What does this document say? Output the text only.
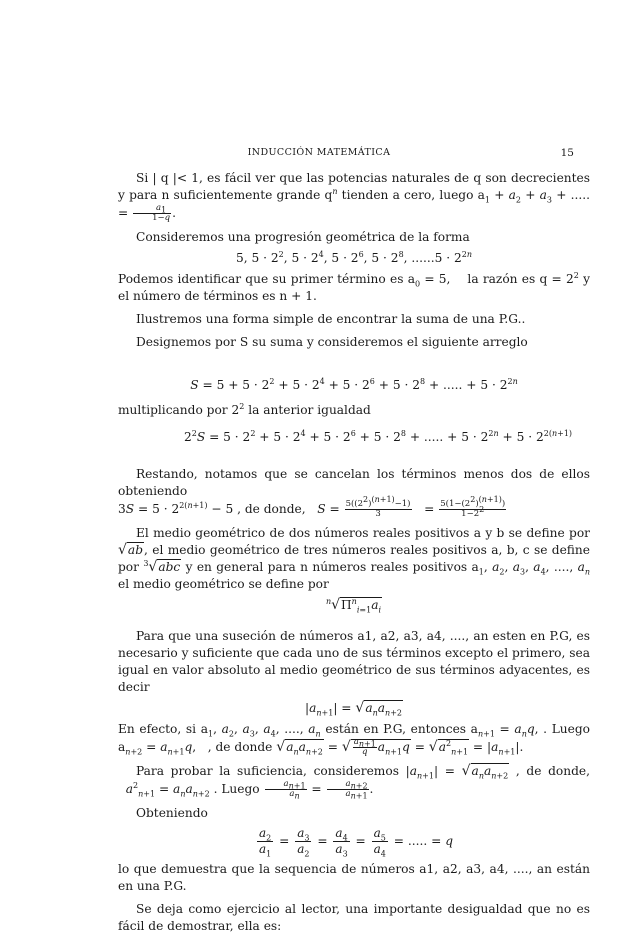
INDUCCIÓN MATEMÁTICA	15

Si | q |< 1, es fácil ver que las potencias naturales de q son decrecientes y para n suficientemente grande $q^n$ tienden a cero, luego $a_1 + a_2 + a_3$ + ..... = $\frac{a_1}{1-q}$ .

Consideremos una progresión geométrica de la forma

5, $5 \cdot 2^2$, $5 \cdot 2^4$, $5 \cdot 2^6$, $5 \cdot 2^8$, $......5 \cdot 2^{2n}$

Podemos identificar que su primer término es $a_0 = 5$,    la razón es $q = 2^2$ y el número de términos es n + 1.

Ilustremos una forma simple de encontrar la suma de una P.G..

Designemos por S su suma y consideremos el siguiente arreglo

$S = 5 + 5 \cdot 2^2 + 5 \cdot 2^4 + 5 \cdot 2^6 + 5 \cdot 2^8$ + ..... + $5 \cdot 2^{2n}$

multiplicando por $2^2$ la anterior igualdad

$2^2S = 5 \cdot 2^2 + 5 \cdot 2^4 + 5 \cdot 2^6 + 5 \cdot 2^8$ + ..... + $5 \cdot 2^{2n} + 5 \cdot 2^{2(n+1)}$

Restando, notamos que se cancelan los términos menos dos de ellos obteniendo

$3S = 5 \cdot 2^{2(n+1)} - 5$ , de donde, $S = \frac{5((2^2)^{(n+1)}-1)}{3} = \frac{5(1-(2^2)^{(n+1)})}{1-2^2}$

El medio geométrico de dos números reales positivos a y b se define por √ab, el medio geométrico de tres números reales positivos a, b, c se define por $^3$√abc y en general para n números reales positivos $a_1$, $a_2$, $a_3$, $a_4$, ...., $a_n$ el medio geométrico se define por

$^n√\Pi^n_{i=1}a_i$

Para que una suseción de números a1, a2, a3, a4, ...., an esten en P.G, es necesario y suficiente que cada uno de sus términos excepto el primero, sea igual en valor absoluto al medio geométrico de sus términos adyacentes, es decir

$|a_{n+1}| = √a_na_{n+2}$

En efecto, si $a_1$, $a_2$, $a_3$, $a_4$, ...., $a_n$ están en P.G, entonces $a_{n+1} = a_nq$, . Luego $a_{n+2} = a_{n+1}q$,   , de donde $√a_na_{n+2}$ = √ $\frac{a_{n+1}}{q} a_{n+1}q = √a^2_{n+1} = |a_{n+1}|$.

Para probar la suficiencia, consideremos $|a_{n+1}| = √a_na_{n+2}$ , de donde,   $a^2_{n+1} = a_na_{n+2}$ . Luego $\frac{a_{n+1}}{a_n} = \frac{a_{n+2}}{a_{n+1}}$ .

Obteniendo

$\frac{a_2}{a_1} = \frac{a_3}{a_2} = \frac{a_4}{a_3} = \frac{a_5}{a_4}$ = ..... = q

lo que demuestra que la sequencia de números a1, a2, a3, a4, ...., an están en una P.G.

Se deja como ejercicio al lector, una importante desigualdad que no es fácil de demostrar, ella es:
